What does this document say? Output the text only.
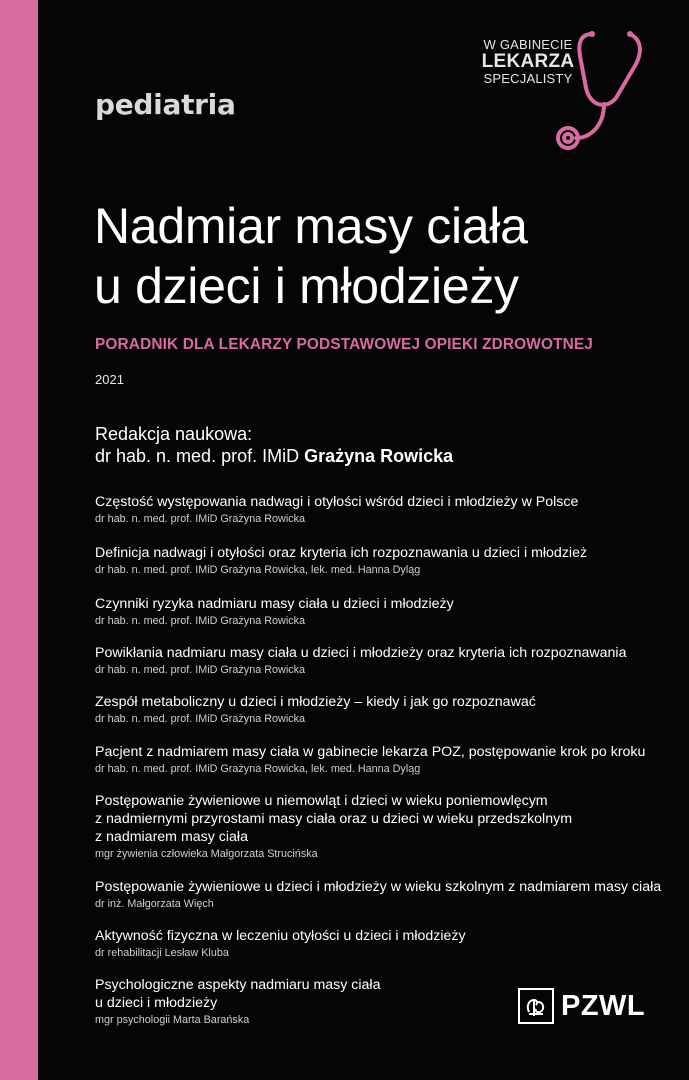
pediatria
W GABINECIE
LEKARZA
SPECJALISTY
Nadmiar masy ciała
u dzieci i młodzieży
PORADNIK DLA LEKARZY PODSTAWOWEJ OPIEKI ZDROWOTNEJ
2021
Redakcja naukowa:
dr hab. n. med. prof. IMiD Grażyna Rowicka
Częstość występowania nadwagi i otyłości wśród dzieci i młodzieży w Polsce
dr hab. n. med. prof. IMiD Grażyna Rowicka
Definicja nadwagi i otyłości oraz kryteria ich rozpoznawania u dzieci i młodzież
dr hab. n. med. prof. IMiD Grażyna Rowicka, lek. med. Hanna Dyląg
Czynniki ryzyka nadmiaru masy ciała u dzieci i młodzieży
dr hab. n. med. prof. IMiD Grażyna Rowicka
Powikłania nadmiaru masy ciała u dzieci i młodzieży oraz kryteria ich rozpoznawania
dr hab. n. med. prof. IMiD Grażyna Rowicka
Zespół metaboliczny u dzieci i młodzieży – kiedy i jak go rozpoznawać
dr hab. n. med. prof. IMiD Grażyna Rowicka
Pacjent z nadmiarem masy ciała w gabinecie lekarza POZ, postępowanie krok po kroku
dr hab. n. med. prof. IMiD Grażyna Rowicka, lek. med. Hanna Dyląg
Postępowanie żywieniowe u niemowląt i dzieci w wieku poniemowlęcym
z nadmiernymi przyrostami masy ciała oraz u dzieci w wieku przedszkolnym
z nadmiarem masy ciała
mgr żywienia człowieka Małgorzata Strucińska
Postępowanie żywieniowe u dzieci i młodzieży w wieku szkolnym z nadmiarem masy ciała
dr inż. Małgorzata Więch
Aktywność fizyczna w leczeniu otyłości u dzieci i młodzieży
dr rehabilitacji Lesław Kluba
Psychologiczne aspekty nadmiaru masy ciała
u dzieci i młodzieży
mgr psychologii Marta Barańska	PZWL
